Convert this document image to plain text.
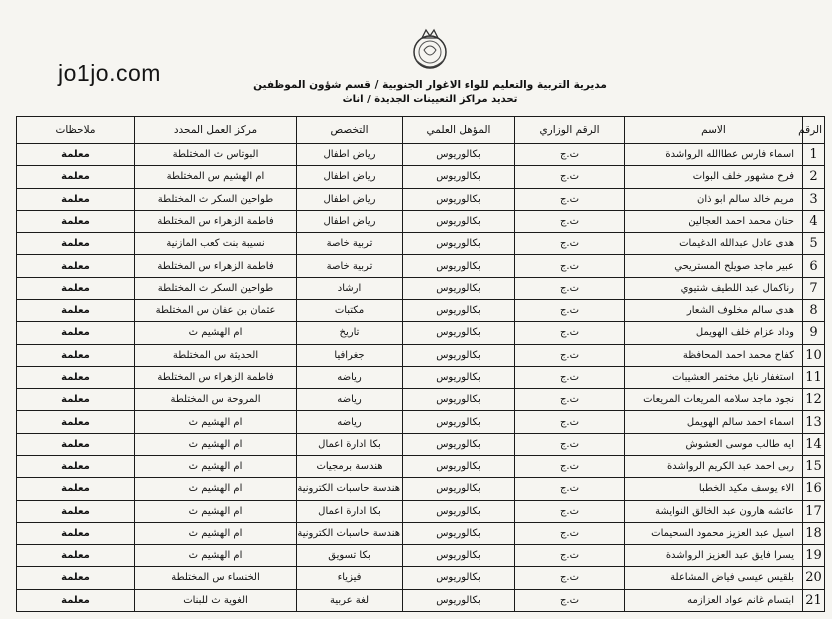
jo1jo.com	مديرية التربية والتعليم للواء الاغوار الجنوبية / قسم شؤون الموظفين
تحديد مراكز التعيينات الجديدة / اناث
الرقم	الاسم	الرقم الوزاري	المؤهل العلمي	التخصص	مركز العمل المحدد	ملاحظات
1	اسماء فارس عطاالله الرواشدة	ت.ج	بكالوريوس	رياض اطفال	البوتاس ث المختلطة	معلمة
2	فرح مشهور خلف البوات	ت.ج	بكالوريوس	رياض اطفال	ام الهشيم س المختلطة	معلمة
3	مريم خالد سالم ابو ذان	ت.ج	بكالوريوس	رياض اطفال	طواحين السكر ث المختلطة	معلمة
4	حنان محمد احمد العجالين	ت.ج	بكالوريوس	رياض اطفال	فاطمة الزهراء س المختلطة	معلمة
5	هدى عادل عبدالله الدغيمات	ت.ج	بكالوريوس	تربية خاصة	نسيبة بنت كعب المازنية	معلمة
6	عبير ماجد صويلح المستريحي	ت.ج	بكالوريوس	تربية خاصة	فاطمة الزهراء س المختلطة	معلمة
7	رناكمال عبد اللطيف شتيوي	ت.ج	بكالوريوس	ارشاد	طواحين السكر ث المختلطة	معلمة
8	هدى سالم مخلوف الشعار	ت.ج	بكالوريوس	مكتبات	عثمان بن عفان س المختلطة	معلمة
9	وداد عزام خلف الهويمل	ت.ج	بكالوريوس	تاريخ	ام الهشيم ث	معلمة
10	كفاح محمد احمد المحافظة	ت.ج	بكالوريوس	جغرافيا	الحديثة س المختلطة	معلمة
11	استغفار نايل مختمر العشيبات	ت.ج	بكالوريوس	رياضه	فاطمة الزهراء س المختلطة	معلمة
12	نجود ماجد سلامه المريعات المريعات	ت.ج	بكالوريوس	رياضه	المروحة س المختلطة	معلمة
13	اسماء احمد سالم الهويمل	ت.ج	بكالوريوس	رياضه	ام الهشيم ث	معلمة
14	ايه طالب موسى العشوش	ت.ج	بكالوريوس	بكا ادارة اعمال	ام الهشيم ث	معلمة
15	ربى احمد عبد الكريم الرواشدة	ت.ج	بكالوريوس	هندسة برمجيات	ام الهشيم ث	معلمة
16	الاء يوسف مكيد الخطبا	ت.ج	بكالوريوس	هندسة حاسبات الكترونية	ام الهشيم ث	معلمة
17	عائشه هارون عبد الخالق النوايشة	ت.ج	بكالوريوس	بكا ادارة اعمال	ام الهشيم ث	معلمة
18	اسيل عبد العزيز محمود السحيمات	ت.ج	بكالوريوس	هندسة حاسبات الكترونية	ام الهشيم ث	معلمة
19	يسرا فايق عبد العزيز الرواشدة	ت.ج	بكالوريوس	بكا تسويق	ام الهشيم ث	معلمة
20	بلقيس عيسى فياض المشاعلة	ت.ج	بكالوريوس	فيزياء	الخنساء س المختلطة	معلمة
21	ابتسام غانم عواد العزازمه	ت.ج	بكالوريوس	لغة عربية	الغوية ث للبنات	معلمة
